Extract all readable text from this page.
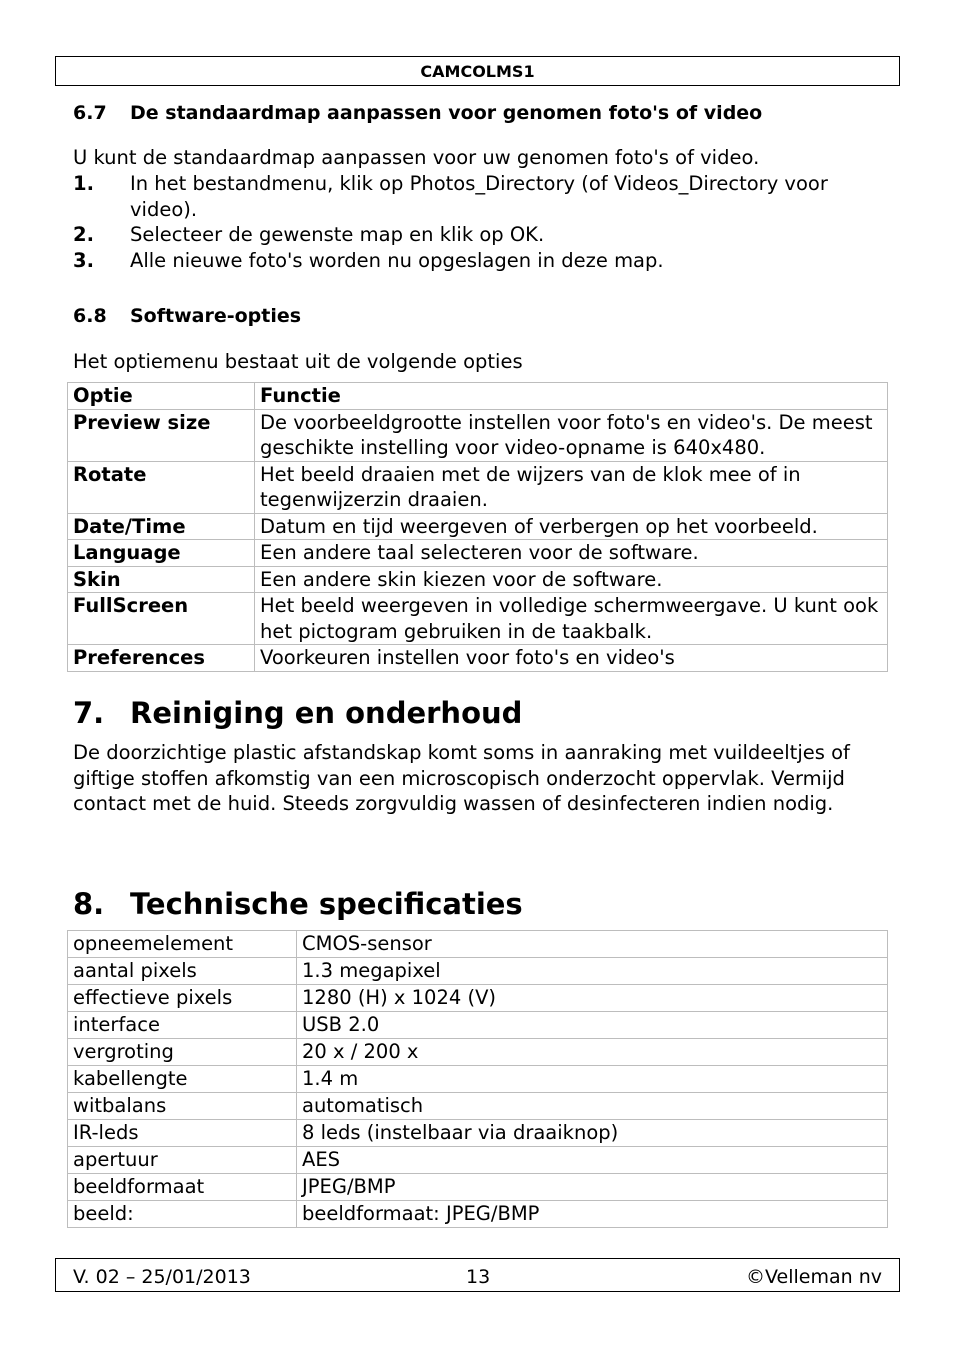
CAMCOLMS1
6.7 De standaardmap aanpassen voor genomen foto's of video

U kunt de standaardmap aanpassen voor uw genomen foto's of video.

1.	In het bestandmenu, klik op Photos_Directory (of Videos_Directory voor video).
2.	Selecteer de gewenste map en klik op OK.
3.	Alle nieuwe foto's worden nu opgeslagen in deze map.
6.8 Software-opties

Het optiemenu bestaat uit de volgende opties

Optie	Functie
Preview size	De voorbeeldgrootte instellen voor foto's en video's. De meest geschikte instelling voor video-opname is 640x480.
Rotate	Het beeld draaien met de wijzers van de klok mee of in tegenwijzerzin draaien.
Date/Time	Datum en tijd weergeven of verbergen op het voorbeeld.
Language	Een andere taal selecteren voor de software.
Skin	Een andere skin kiezen voor de software.
FullScreen	Het beeld weergeven in volledige schermweergave. U kunt ook het pictogram gebruiken in de taakbalk.
Preferences	Voorkeuren instellen voor foto's en video's
7. Reiniging en onderhoud

De doorzichtige plastic afstandskap komt soms in aanraking met vuildeeltjes of giftige stoffen afkomstig van een microscopisch onderzocht oppervlak. Vermijd contact met de huid. Steeds zorgvuldig wassen of desinfecteren indien nodig.

8. Technische specificaties
opneemelement	CMOS-sensor
aantal pixels	1.3 megapixel
effectieve pixels	1280 (H) x 1024 (V)
interface	USB 2.0
vergroting	20 x / 200 x
kabellengte	1.4 m
witbalans	automatisch
IR-leds	8 leds (instelbaar via draaiknop)
apertuur	AES
beeldformaat	JPEG/BMP
beeld:	beeldformaat: JPEG/BMP
V. 02 – 25/01/2013	13	©Velleman nv
